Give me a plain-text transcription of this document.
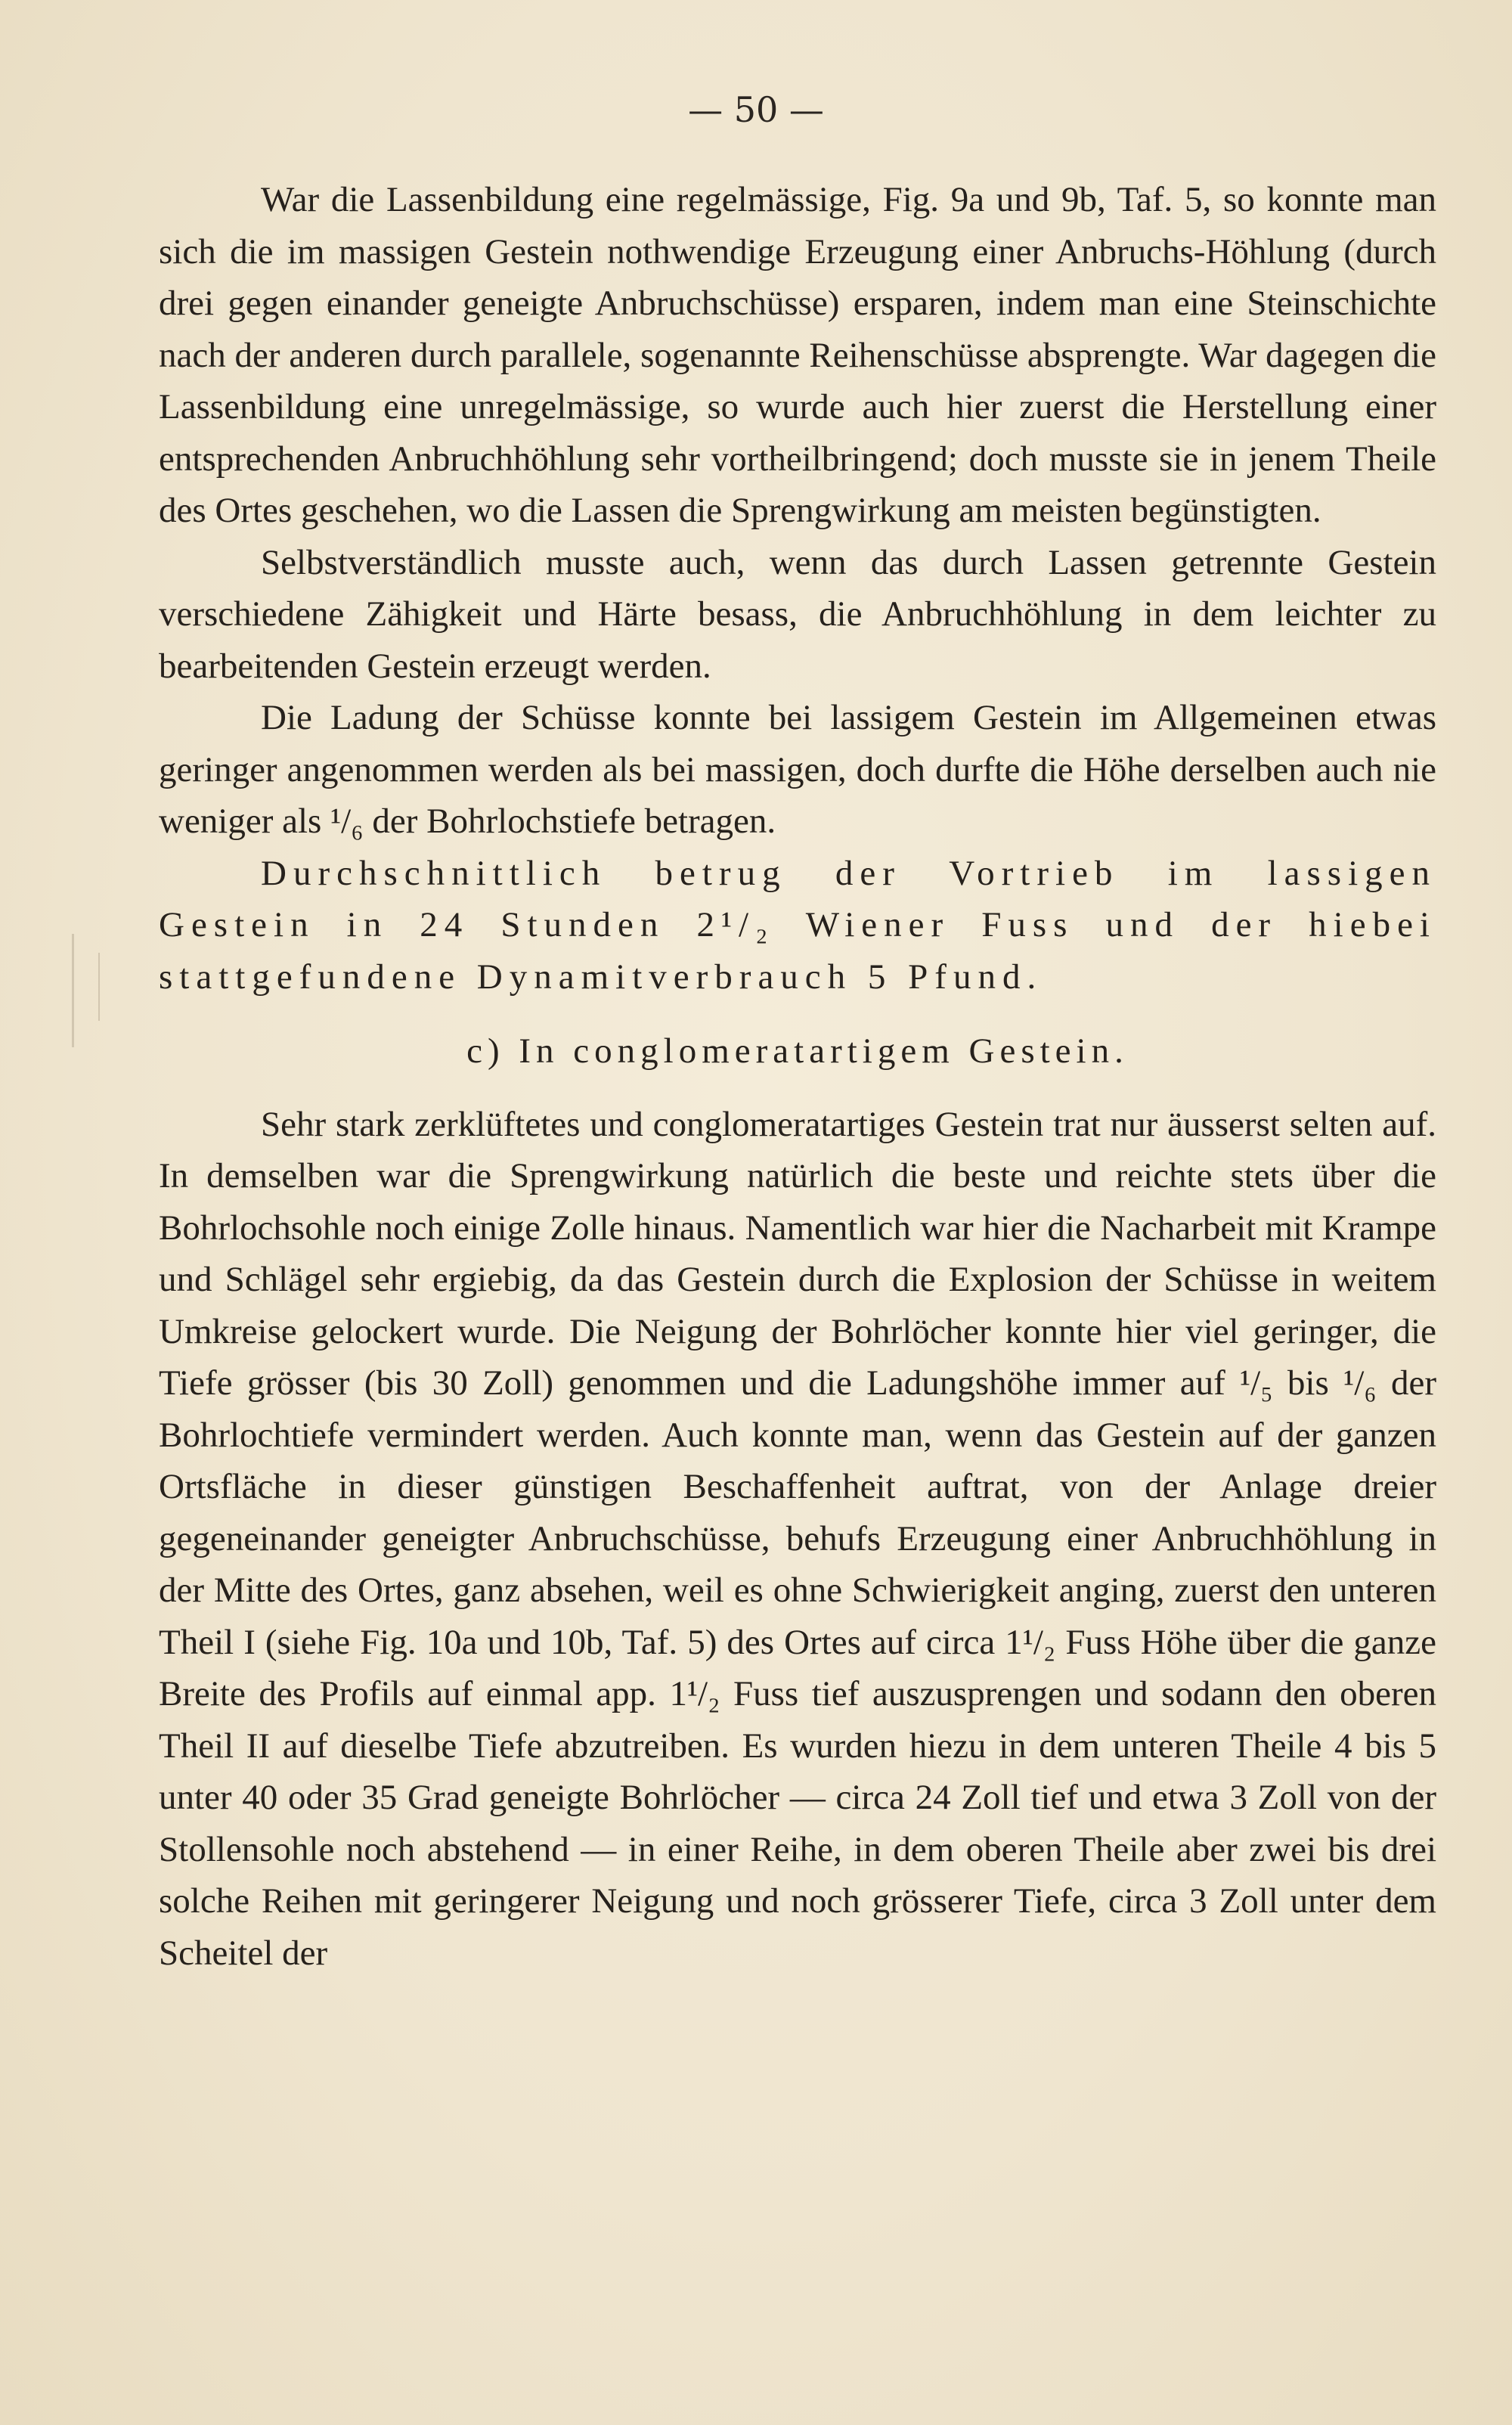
— 50 —

War die Lassenbildung eine regelmässige, Fig. 9a und 9b, Taf. 5, so konnte man sich die im massigen Gestein nothwendige Erzeugung einer Anbruchs-Höhlung (durch drei gegen einander geneigte Anbruchschüsse) ersparen, indem man eine Steinschichte nach der anderen durch parallele, sogenannte Reihenschüsse absprengte. War dagegen die Lassenbildung eine unregelmässige, so wurde auch hier zuerst die Herstellung einer entsprechenden Anbruchhöhlung sehr vortheilbringend; doch musste sie in jenem Theile des Ortes geschehen, wo die Lassen die Sprengwirkung am meisten begünstigten.

Selbstverständlich musste auch, wenn das durch Lassen getrennte Gestein verschiedene Zähigkeit und Härte besass, die Anbruchhöhlung in dem leichter zu bearbeitenden Gestein erzeugt werden.

Die Ladung der Schüsse konnte bei lassigem Gestein im Allgemeinen etwas geringer angenommen werden als bei massigen, doch durfte die Höhe derselben auch nie weniger als ¹/₆ der Bohrlochstiefe betragen.

Durchschnittlich betrug der Vortrieb im lassigen Gestein in 24 Stunden 2¹/₂ Wiener Fuss und der hiebei stattgefundene Dynamitverbrauch 5 Pfund.

c) In conglomeratartigem Gestein.

Sehr stark zerklüftetes und conglomeratartiges Gestein trat nur äusserst selten auf. In demselben war die Sprengwirkung natürlich die beste und reichte stets über die Bohrlochsohle noch einige Zolle hinaus. Namentlich war hier die Nacharbeit mit Krampe und Schlägel sehr ergiebig, da das Gestein durch die Explosion der Schüsse in weitem Umkreise gelockert wurde. Die Neigung der Bohrlöcher konnte hier viel geringer, die Tiefe grösser (bis 30 Zoll) genommen und die Ladungshöhe immer auf ¹/₅ bis ¹/₆ der Bohrlochtiefe vermindert werden. Auch konnte man, wenn das Gestein auf der ganzen Ortsfläche in dieser günstigen Beschaffenheit auftrat, von der Anlage dreier gegeneinander geneigter Anbruchschüsse, behufs Erzeugung einer Anbruchhöhlung in der Mitte des Ortes, ganz absehen, weil es ohne Schwierigkeit anging, zuerst den unteren Theil I (siehe Fig. 10a und 10b, Taf. 5) des Ortes auf circa 1¹/₂ Fuss Höhe über die ganze Breite des Profils auf einmal app. 1¹/₂ Fuss tief auszusprengen und sodann den oberen Theil II auf dieselbe Tiefe abzutreiben. Es wurden hiezu in dem unteren Theile 4 bis 5 unter 40 oder 35 Grad geneigte Bohrlöcher — circa 24 Zoll tief und etwa 3 Zoll von der Stollensohle noch abstehend — in einer Reihe, in dem oberen Theile aber zwei bis drei solche Reihen mit geringerer Neigung und noch grösserer Tiefe, circa 3 Zoll unter dem Scheitel der
